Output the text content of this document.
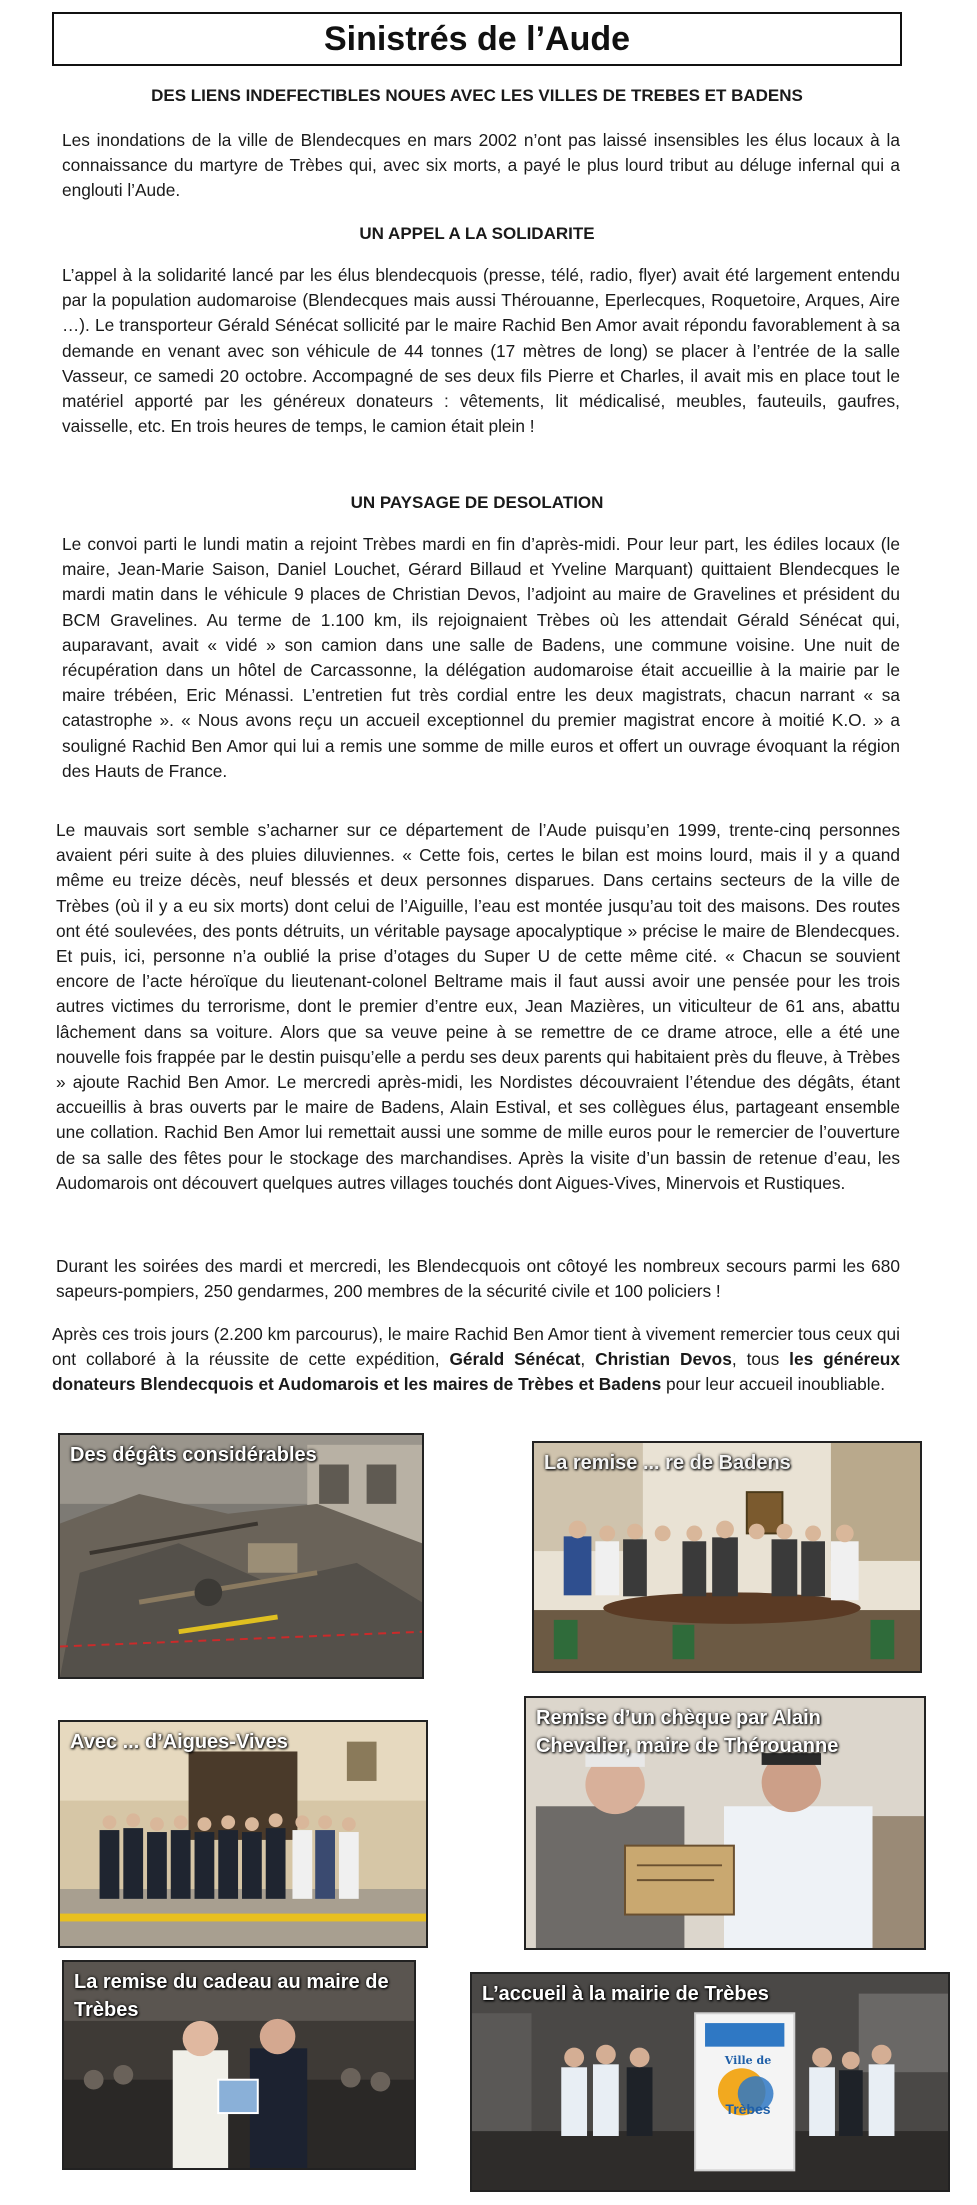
Sinistrés de l’Aude

DES LIENS INDEFECTIBLES NOUES AVEC LES VILLES DE TREBES ET BADENS

Les inondations de la ville de Blendecques en mars 2002 n’ont pas laissé insensibles les élus locaux à la connaissance du martyre de Trèbes qui, avec six morts, a payé le plus lourd tribut au déluge infernal qui a englouti l’Aude.

UN APPEL A LA SOLIDARITE

L’appel à la solidarité lancé par les élus blendecquois (presse, télé, radio, flyer) avait été largement entendu par la population audomaroise (Blendecques mais aussi Thérouanne, Eperlecques, Roquetoire, Arques, Aire …). Le transporteur Gérald Sénécat sollicité par le maire Rachid Ben Amor avait répondu favorablement à sa demande en venant avec son véhicule de 44 tonnes (17 mètres de long) se placer à l’entrée de la salle Vasseur, ce samedi 20 octobre. Accompagné de ses deux fils Pierre et Charles, il avait mis en place tout le matériel apporté par les généreux donateurs : vêtements, lit médicalisé, meubles, fauteuils, gaufres, vaisselle, etc. En trois heures de temps, le camion était plein !

UN PAYSAGE DE DESOLATION

Le convoi parti le lundi matin a rejoint Trèbes mardi en fin d’après-midi. Pour leur part, les édiles locaux (le maire, Jean-Marie Saison, Daniel Louchet, Gérard Billaud et Yveline Marquant) quittaient Blendecques le mardi matin dans le véhicule 9 places de Christian Devos, l’adjoint au maire de Gravelines et président du BCM Gravelines. Au terme de 1.100 km, ils rejoignaient Trèbes où les attendait Gérald Sénécat qui, auparavant, avait « vidé » son camion dans une salle de Badens, une commune voisine. Une nuit de récupération dans un hôtel de Carcassonne, la délégation audomaroise était accueillie à la mairie par le maire trébéen, Eric Ménassi. L’entretien fut très cordial entre les deux magistrats, chacun narrant « sa catastrophe ». « Nous avons reçu un accueil exceptionnel du premier magistrat encore à moitié K.O. » a souligné Rachid Ben Amor qui lui a remis une somme de mille euros et offert un ouvrage évoquant la région des Hauts de France.

Le mauvais sort semble s’acharner sur ce département de l’Aude puisqu’en 1999, trente-cinq personnes avaient péri suite à des pluies diluviennes. « Cette fois, certes le bilan est moins lourd, mais il y a quand même eu treize décès, neuf blessés et deux personnes disparues. Dans certains secteurs de la ville de Trèbes (où il y a eu six morts) dont celui de l’Aiguille, l’eau est montée jusqu’au toit des maisons. Des routes ont été soulevées, des ponts détruits, un véritable paysage apocalyptique » précise le maire de Blendecques. Et puis, ici, personne n’a oublié la prise d’otages du Super U de cette même cité. « Chacun se souvient encore de l’acte héroïque du lieutenant-colonel Beltrame mais il faut aussi avoir une pensée pour les trois autres victimes du terrorisme, dont le premier d’entre eux, Jean Mazières, un viticulteur de 61 ans, abattu lâchement dans sa voiture. Alors que sa veuve peine à se remettre de ce drame atroce, elle a été une nouvelle fois frappée par le destin puisqu’elle a perdu ses deux parents qui habitaient près du fleuve, à Trèbes » ajoute Rachid Ben Amor. Le mercredi après-midi, les Nordistes découvraient l’étendue des dégâts, étant accueillis à bras ouverts par le maire de Badens, Alain Estival, et ses collègues élus, partageant ensemble une collation. Rachid Ben Amor lui remettait aussi une somme de mille euros pour le remercier de l’ouverture de sa salle des fêtes pour le stockage des marchandises. Après la visite d’un bassin de retenue d’eau, les Audomarois ont découvert quelques autres villages touchés dont Aigues-Vives, Minervois et Rustiques.

Durant les soirées des mardi et mercredi, les Blendecquois ont côtoyé les nombreux secours parmi les 680 sapeurs-pompiers, 250 gendarmes, 200 membres de la sécurité civile et 100 policiers !

Après ces trois jours (2.200 km parcourus), le maire Rachid Ben Amor tient à vivement remercier tous ceux qui ont collaboré à la réussite de cette expédition, Gérald Sénécat, Christian Devos, tous les généreux donateurs Blendecquois et Audomarois et les maires de Trèbes et Badens pour leur accueil inoubliable.

Des dégâts considérables	La remise ... re de Badens
Avec ... d’Aigues-Vives
Remise d’un chèque par Alain Chevalier, maire de Thérouanne
La remise du cadeau au maire de Trèbes
Ville de
Trèbes
L’accueil à la mairie de Trèbes
